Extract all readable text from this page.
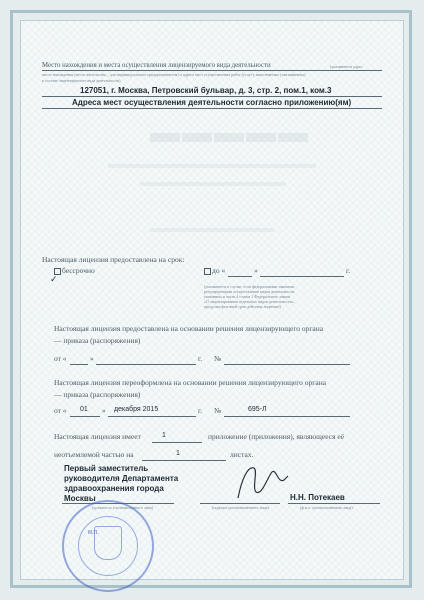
▬▬▬▬▬
Место нахождения и места осуществления лицензируемого вида деятельности	(указывается адрес
места нахождения (место жительства – для индивидуального предпринимателя) и адреса мест осуществления работ (услуг), выполняемых (оказываемых)
в составе лицензируемого вида деятельности)
127051, г. Москва, Петровский бульвар, д. 3, стр. 2, пом.1, ком.3
Адреса мест осуществления деятельности согласно приложению(ям)
Настоящая лицензия предоставлена на срок:
✓
бессрочно	до «	»	г.
(указывается в случае, если федеральными законами,
регулирующими осуществление видов деятельности,
указанных в части 4 статьи 1 Федерального закона
«О лицензировании отдельных видов деятельности»,
предусмотрен иной срок действия лицензии)
Настоящая лицензия предоставлена на основании решения лицензирующего органа
— приказа (распоряжения)
от «	»	г. №
Настоящая лицензия переоформлена на основании решения лицензирующего органа
— приказа (распоряжения)
от « 01 » декабря 2015	г. №	695-Л
Настоящая лицензия имеет	1	приложение (приложения), являющееся её
неотъемлемой частью на	1	листах.
Первый заместитель
руководителя Департамента
здравоохранения города
Москвы
(должность уполномоченного лица)	(подпись уполномоченного лица)
Н.Н. Потекаев
(ф.и.о. уполномоченного лица)
М.П.
